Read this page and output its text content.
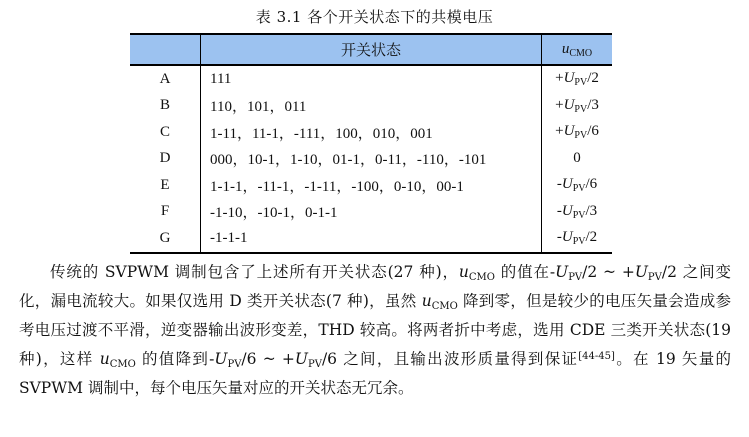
表 3.1 各个开关状态下的共模电压
	开关状态	$u_{CMO}$
A	111	$+U_{PV}/2$
B	110，101，011	$+U_{PV}/3$
C	1-11，11-1，-111，100，010，001	$+U_{PV}/6$
D	000，10-1，1-10，01-1，0-11，-110，-101	0
E	1-1-1，-11-1，-1-11，-100，0-10，00-1	$-U_{PV}/6$
F	-1-10，-10-1，0-1-1	$-U_{PV}/3$
G	-1-1-1	$-U_{PV}/2$
传统的 SVPWM 调制包含了上述所有开关状态(27 种)，$u_{CMO}$ 的值在$-U_{PV}/2$ ~ $+U_{PV}/2$ 之间变化，漏电流较大。如果仅选用 D 类开关状态(7 种)，虽然 $u_{CMO}$ 降到零，但是较少的电压矢量会造成参考电压过渡不平滑，逆变器输出波形变差，THD 较高。将两者折中考虑，选用 CDE 三类开关状态(19 种)，这样 $u_{CMO}$ 的值降到$-U_{PV}/6$ ~ $+U_{PV}/6$ 之间，且输出波形质量得到保证[44-45]。在 19 矢量的 SVPWM 调制中，每个电压矢量对应的开关状态无冗余。
